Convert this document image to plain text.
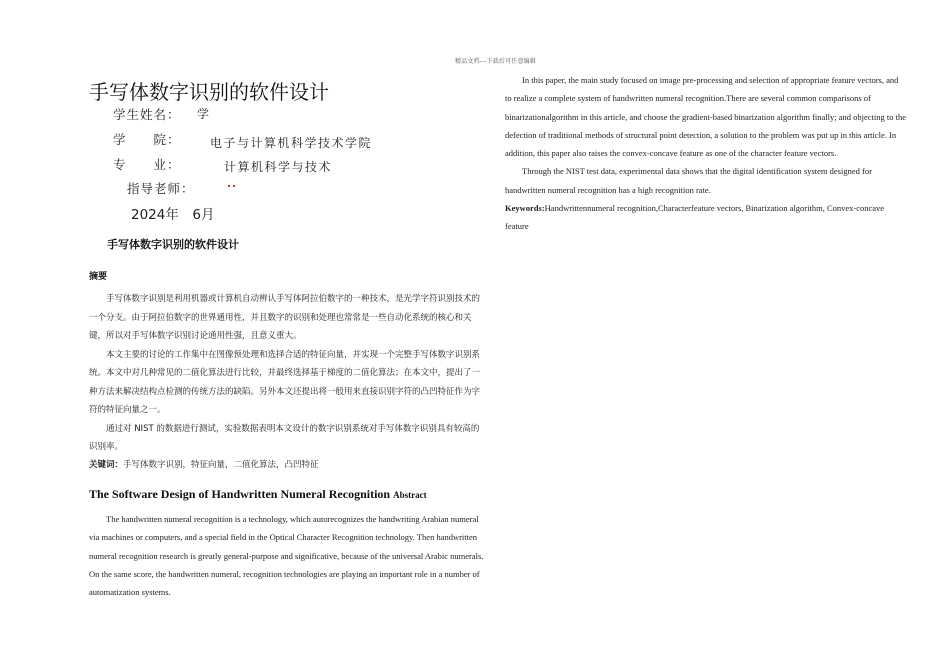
精品文档---下载后可任意编辑
手写体数字识别的软件设计
学生姓名： 学
学　　院： 电子与计算机科学技术学院
专　　业：	计算机科学与技术
指导老师：
2024年　6月
手写体数字识别的软件设计
摘要

手写体数字识别是利用机器或计算机自动辨认手写体阿拉伯数字的一种技术，是光学字符识别技术的一个分支。由于阿拉伯数字的世界通用性，并且数字的识别和处理也常常是一些自动化系统的核心和关键，所以对手写体数字识别讨论通用性强，且意义重大。

本文主要的讨论的工作集中在图像预处理和选择合适的特征向量，并实现一个完整手写体数字识别系统。本文中对几种常见的二值化算法进行比较，并最终选择基于梯度的二值化算法；在本文中，提出了一种方法来解决结构点检测的传统方法的缺陷。另外本文还提出将一般用来直接识别字符的凸凹特征作为字符的特征向量之一。

通过对 NIST 的数据进行测试，实验数据表明本文设计的数字识别系统对手写体数字识别具有较高的识别率。

关键词：手写体数字识别，特征向量，二值化算法，凸凹特征
The Software Design of Handwritten Numeral Recognition Abstract

The handwritten numeral recognition is a technology, which autorecognizes the handwriting Arabian numeral via machines or computers, and a special field in the Optical Character Recognition technology. Then handwritten numeral recognition research is greatly general-purpose and significative, because of the universal Arabic numerals. On the same score, the handwritten numeral, recognition technologies are playing an important role in a number of automatization systems.

In this paper, the main study focused on image pre-processing and selection of appropriate feature vectors, and to realize a complete system of handwritten numeral recognition.There are several common comparisons of binarizationalgorithm in this article, and choose the gradient-based binarization algorithm finally; and objecting to the defection of traditional methods of structural point detection, a solution to the problem was put up in this article. In addition, this paper also raises the convex-concave feature as one of the character feature vectors.

Through the NIST test data, experimental data shows that the digital identification system designed for handwritten numeral recognition has a high recognition rate.

Keywords:Handwrittennumeral recognition,Characterfeature vectors, Binarization algorithm, Convex-concave feature
